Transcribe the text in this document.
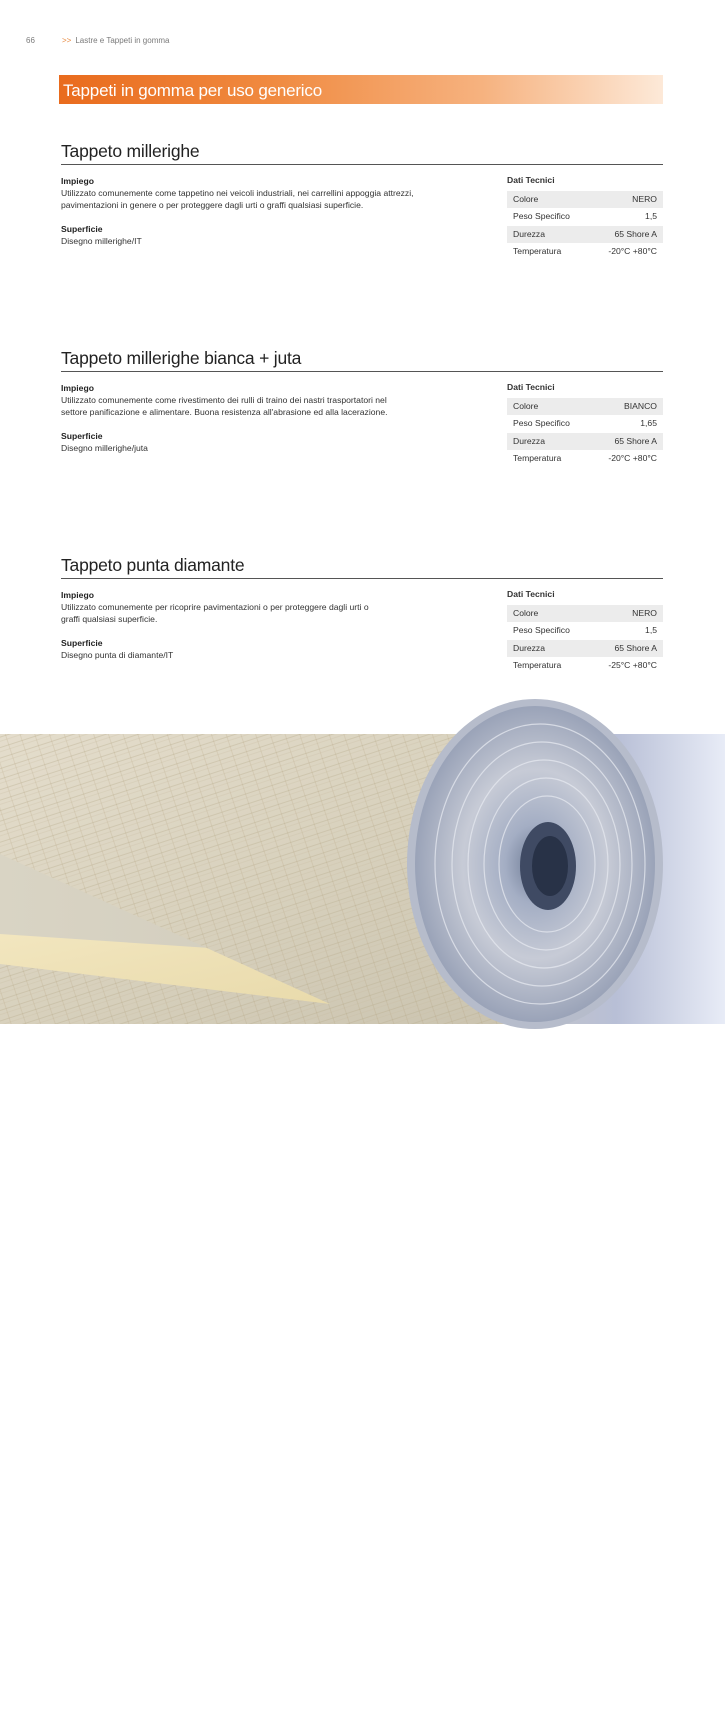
66	>> Lastre e Tappeti in gomma
Tappeti in gomma per uso generico
Tappeto millerighe
Impiego
Utilizzato comunemente come tappetino nei veicoli industriali, nei carrellini appoggia attrezzi,
pavimentazioni in genere o per proteggere dagli urti o graffi qualsiasi superficie.
Superficie
Disegno millerighe/IT
Dati Tecnici
Colore	NERO
Peso Specifico	1,5
Durezza	65 Shore A
Temperatura	-20°C +80°C
Tappeto millerighe bianca + juta
Impiego
Utilizzato comunemente come rivestimento dei rulli di traino dei nastri trasportatori nel
settore panificazione e alimentare. Buona resistenza all'abrasione ed alla lacerazione.
Superficie
Disegno millerighe/juta
Dati Tecnici
Colore	BIANCO
Peso Specifico	1,65
Durezza	65 Shore A
Temperatura	-20°C +80°C
Tappeto punta diamante
Impiego
Utilizzato comunemente per ricoprire pavimentazioni o per proteggere dagli urti o
graffi qualsiasi superficie.
Superficie
Disegno punta di diamante/IT
Dati Tecnici
Colore	NERO
Peso Specifico	1,5
Durezza	65 Shore A
Temperatura	-25°C +80°C
>> Gomma millerighe bianca + juta
